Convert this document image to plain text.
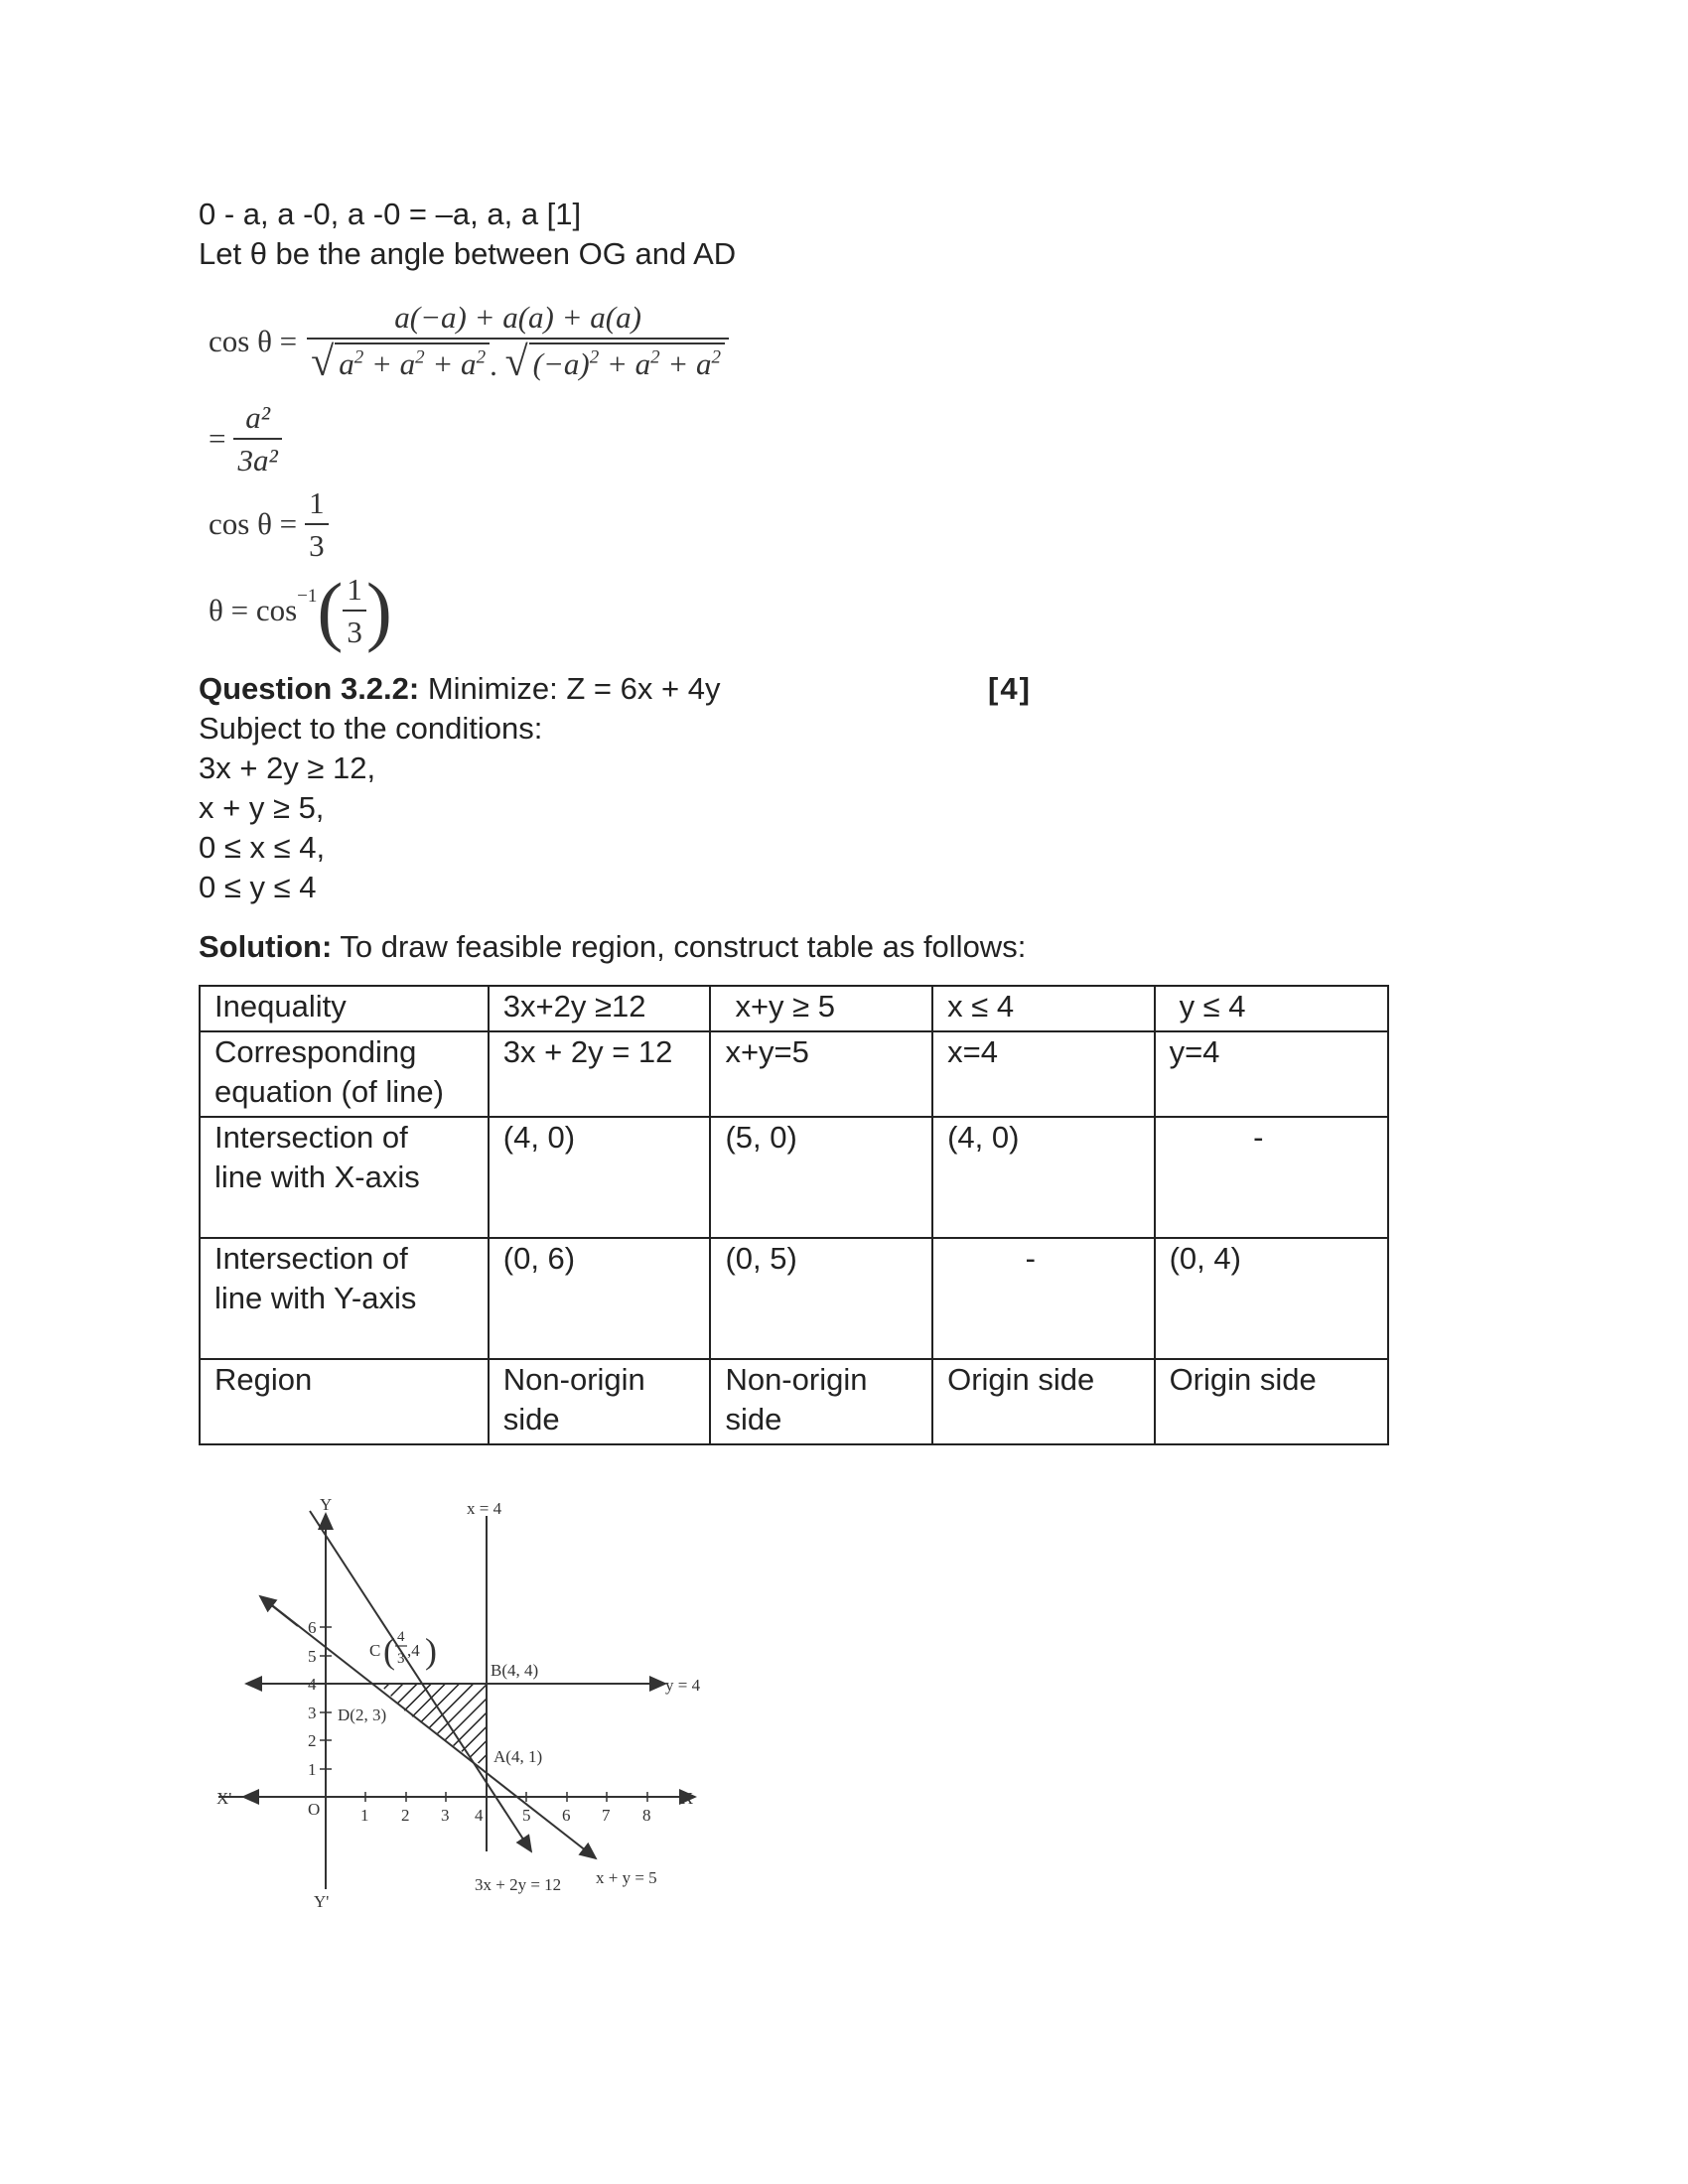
0 - a, a -0, a -0 = –a, a, a [1]
Let θ be the angle between OG and AD
$\cos \theta = \frac{a(-a) + a(a) + a(a)}{√ a^2 + a^2 + a^2 . √ (-a)^2 + a^2 + a^2}$
= $\frac{\text{a²}}{\text{3a²}}$
$\cos \theta = \frac{1}{3}$
$\theta = \cos^{-1}$ ( $\frac{1}{3}$ )
Question 3.2.2: Minimize: Z = 6x + 4y	[4]
Subject to the conditions:
3x + 2y ≥ 12,
x + y ≥ 5,
0 ≤ x ≤ 4,
0 ≤ y ≤ 4
Solution: To draw feasible region, construct table as follows:
Inequality	3x+2y ≥12	x+y ≥ 5	x ≤ 4	y ≤ 4
Corresponding equation (of line)	3x + 2y = 12	x+y=5	x=4	y=4
Intersection of line with X-axis	(4, 0)	(5, 0)	(4, 0)	-
Intersection of line with Y-axis	(0, 6)	(0, 5)	-	(0, 4)
Region	Non-origin side	Non-origin side	Origin side	Origin side
1 2 3 4 5 6 7 8
1
2
3
4
5
6
Y
Y'
X
X'
O
x = 4
y = 4
3x + 2y = 12 x + y = 5
A(4, 1)
B(4, 4)
D(2, 3)
C ( 4
3 ,4 )
